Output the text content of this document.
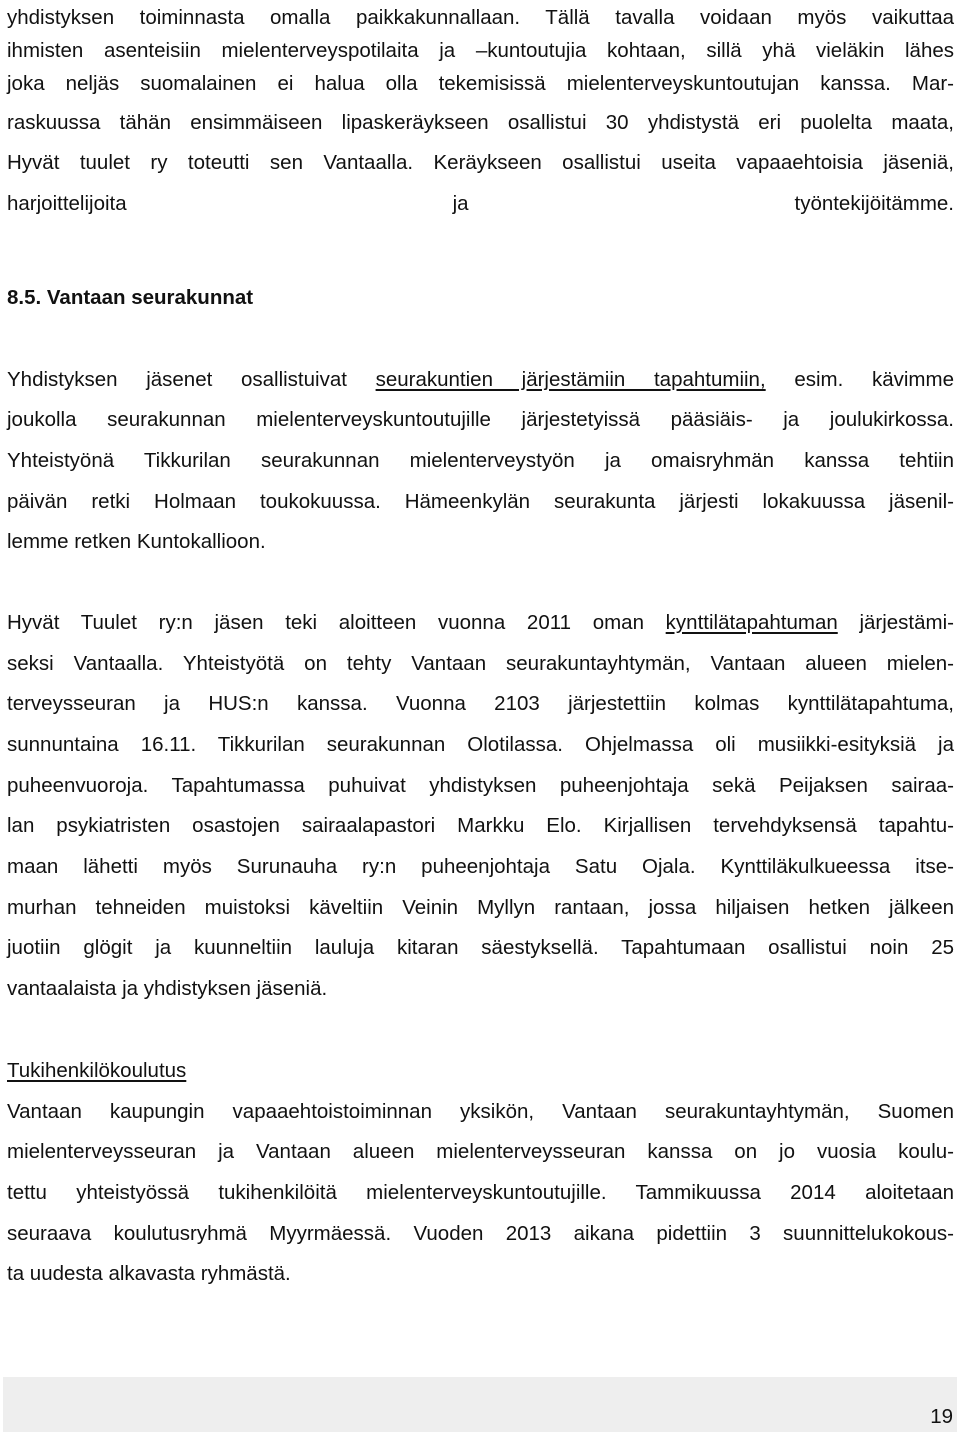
yhdistyksen toiminnasta omalla paikkakunnallaan. Tällä tavalla voidaan myös vaikuttaa
ihmisten asenteisiin mielenterveyspotilaita ja –kuntoutujia kohtaan, sillä yhä vieläkin lähes
joka neljäs suomalainen ei halua olla tekemisissä mielenterveyskuntoutujan kanssa. Mar-
raskuussa tähän ensimmäiseen lipaskeräykseen osallistui 30 yhdistystä eri puolelta maata,
Hyvät tuulet ry toteutti sen Vantaalla. Keräykseen osallistui useita vapaaehtoisia jäseniä,
harjoittelijoita ja työntekijöitämme.
8.5. Vantaan seurakunnat
Yhdistyksen jäsenet osallistuivat seurakuntien järjestämiin tapahtumiin, esim. kävimme
joukolla seurakunnan mielenterveyskuntoutujille järjestetyissä pääsiäis- ja joulukirkossa.
Yhteistyönä Tikkurilan seurakunnan mielenterveystyön ja omaisryhmän kanssa tehtiin
päivän retki Holmaan toukokuussa. Hämeenkylän seurakunta järjesti lokakuussa jäsenil-
lemme retken Kuntokallioon.
Hyvät Tuulet ry:n jäsen teki aloitteen vuonna 2011 oman kynttilätapahtuman järjestämi-
seksi Vantaalla. Yhteistyötä on tehty Vantaan seurakuntayhtymän, Vantaan alueen mielen-
terveysseuran ja HUS:n kanssa. Vuonna 2103 järjestettiin kolmas kynttilätapahtuma,
sunnuntaina 16.11. Tikkurilan seurakunnan Olotilassa. Ohjelmassa oli musiikki-esityksiä ja
puheenvuoroja. Tapahtumassa puhuivat yhdistyksen puheenjohtaja sekä Peijaksen sairaa-
lan psykiatristen osastojen sairaalapastori Markku Elo. Kirjallisen tervehdyksensä tapahtu-
maan lähetti myös Surunauha ry:n puheenjohtaja Satu Ojala. Kynttiläkulkueessa itse-
murhan tehneiden muistoksi käveltiin Veinin Myllyn rantaan, jossa hiljaisen hetken jälkeen
juotiin glögit ja kuunneltiin lauluja kitaran säestyksellä. Tapahtumaan osallistui noin 25
vantaalaista ja yhdistyksen jäseniä.
Tukihenkilökoulutus
Vantaan kaupungin vapaaehtoistoiminnan yksikön, Vantaan seurakuntayhtymän, Suomen
mielenterveysseuran ja Vantaan alueen mielenterveysseuran kanssa on jo vuosia koulu-
tettu yhteistyössä tukihenkilöitä mielenterveyskuntoutujille. Tammikuussa 2014 aloitetaan
seuraava koulutusryhmä Myyrmäessä. Vuoden 2013 aikana pidettiin 3 suunnittelukokous-
ta uudesta alkavasta ryhmästä.
19
